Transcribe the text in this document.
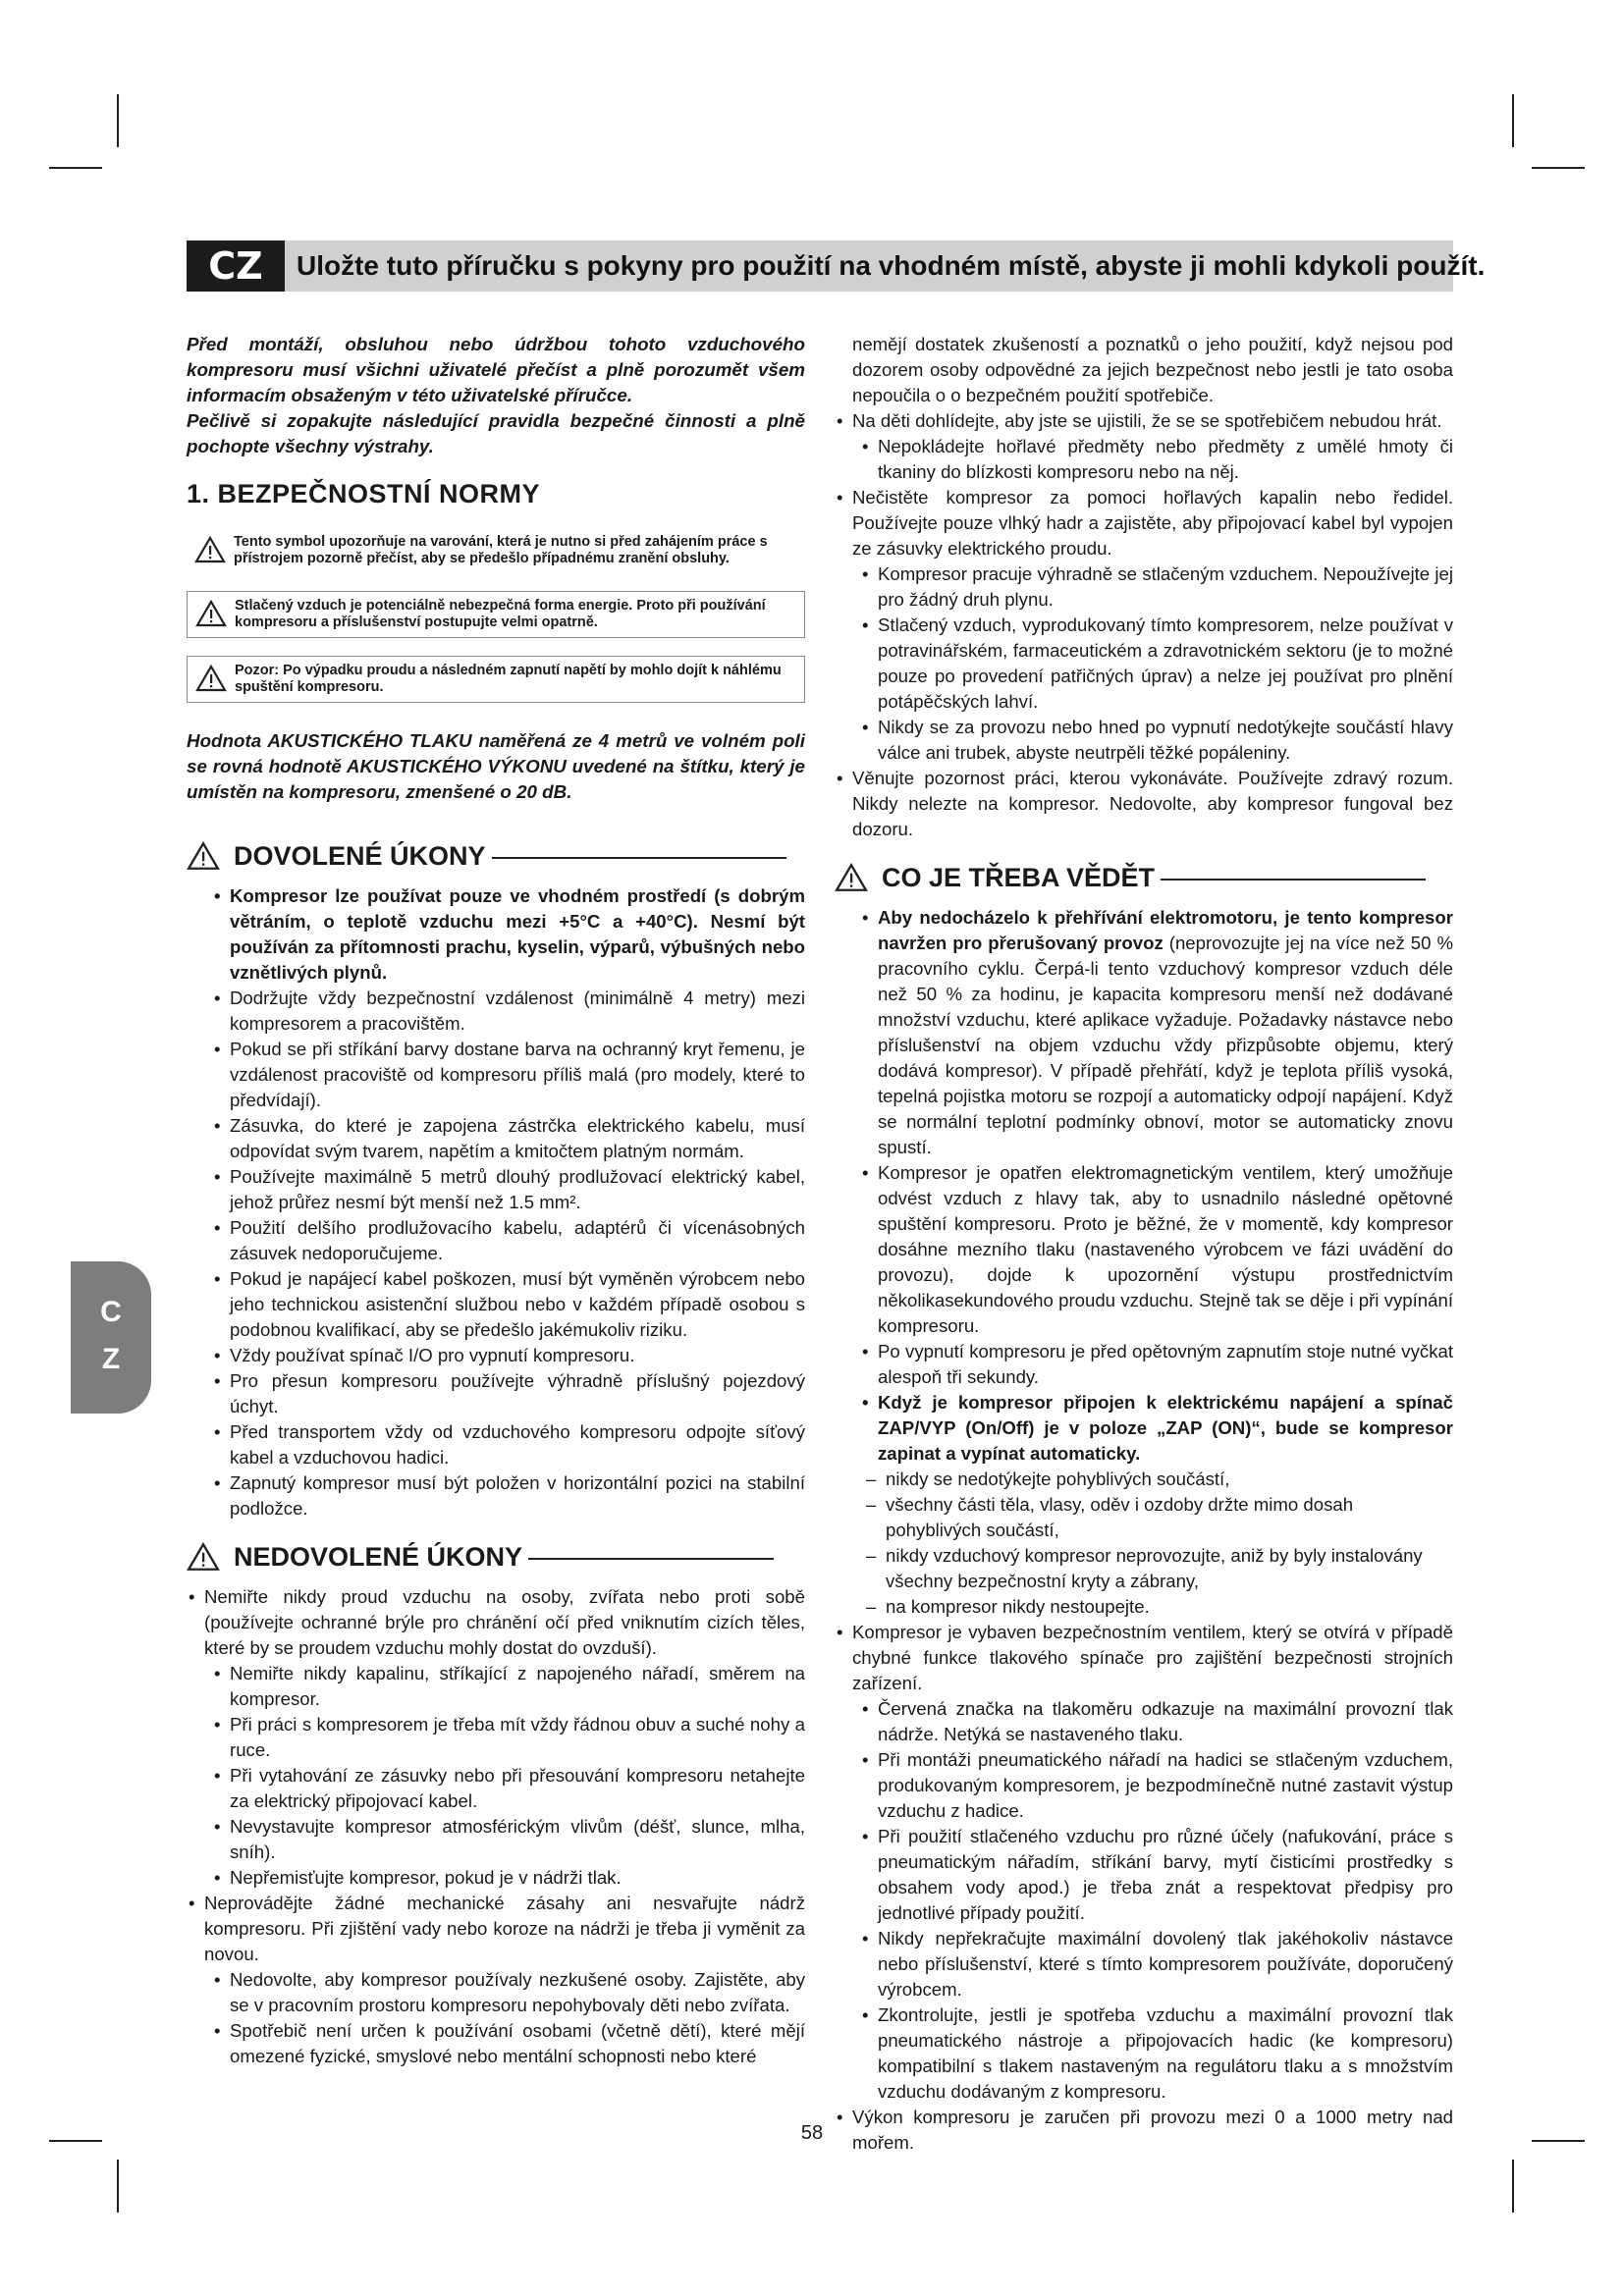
CZ	Uložte tuto příručku s pokyny pro použití na vhodném místě, abyste ji mohli kdykoli použít.
C
Z

Před montáží, obsluhou nebo údržbou tohoto vzduchového kompresoru musí všichni uživatelé přečíst a plně porozumět všem informacím obsaženým v této uživatelské příručce.

Pečlivě si zopakujte následující pravidla bezpečné činnosti a plně pochopte všechny výstrahy.

1. BEZPEČNOSTNÍ NORMY
Tento symbol upozorňuje na varování, která je nutno si před zahájením práce s přístrojem pozorně přečíst, aby se předešlo případnému zranění obsluhy.
Stlačený vzduch je potenciálně nebezpečná forma energie. Proto při používání kompresoru a příslušenství postupujte velmi opatrně.
Pozor: Po výpadku proudu a následném zapnutí napětí by mohlo dojít k náhlému spuštění kompresoru.

Hodnota AKUSTICKÉHO TLAKU naměřená ze 4 metrů ve volném poli se rovná hodnotě AKUSTICKÉHO VÝKONU uvedené na štítku, který je umístěn na kompresoru, zmenšené o 20 dB.

DOVOLENÉ ÚKONY
• Kompresor lze používat pouze ve vhodném prostředí (s dobrým větráním, o teplotě vzduchu mezi +5°C a +40°C). Nesmí být používán za přítomnosti prachu, kyselin, výparů, výbušných nebo vznětlivých plynů.
• Dodržujte vždy bezpečnostní vzdálenost (minimálně 4 metry) mezi kompresorem a pracovištěm.
• Pokud se při stříkání barvy dostane barva na ochranný kryt řemenu, je vzdálenost pracoviště od kompresoru příliš malá (pro modely, které to předvídají).
• Zásuvka, do které je zapojena zástrčka elektrického kabelu, musí odpovídat svým tvarem, napětím a kmitočtem platným normám.
• Používejte maximálně 5 metrů dlouhý prodlužovací elektrický kabel, jehož průřez nesmí být menší než 1.5 mm².
• Použití delšího prodlužovacího kabelu, adaptérů či vícenásobných zásuvek nedoporučujeme.
• Pokud je napájecí kabel poškozen, musí být vyměněn výrobcem nebo jeho technickou asistenční službou nebo v každém případě osobou s podobnou kvalifikací, aby se předešlo jakémukoliv riziku.
• Vždy používat spínač I/O pro vypnutí kompresoru.
• Pro přesun kompresoru používejte výhradně příslušný pojezdový úchyt.
• Před transportem vždy od vzduchového kompresoru odpojte síťový kabel a vzduchovou hadici.
• Zapnutý kompresor musí být položen v horizontální pozici na stabilní podložce.
NEDOVOLENÉ ÚKONY
• Nemiřte nikdy proud vzduchu na osoby, zvířata nebo proti sobě (používejte ochranné brýle pro chránění očí před vniknutím cizích těles, které by se proudem vzduchu mohly dostat do ovzduší).
• Nemiřte nikdy kapalinu, stříkající z napojeného nářadí, směrem na kompresor.
• Při práci s kompresorem je třeba mít vždy řádnou obuv a suché nohy a ruce.
• Při vytahování ze zásuvky nebo při přesouvání kompresoru netahejte za elektrický připojovací kabel.
• Nevystavujte kompresor atmosférickým vlivům (déšť, slunce, mlha, sníh).
• Nepřemisťujte kompresor, pokud je v nádrži tlak.
• Neprovádějte žádné mechanické zásahy ani nesvařujte nádrž kompresoru. Při zjištění vady nebo koroze na nádrži je třeba ji vyměnit za novou.
• Nedovolte, aby kompresor používaly nezkušené osoby. Zajistěte, aby se v pracovním prostoru kompresoru nepohybovaly děti nebo zvířata.
• Spotřebič není určen k používání osobami (včetně dětí), které mějí omezené fyzické, smyslové nebo mentální schopnosti nebo které

nemějí dostatek zkušeností a poznatků o jeho použití, když nejsou pod dozorem osoby odpovědné za jejich bezpečnost nebo jestli je tato osoba nepoučila o o bezpečném použití spotřebiče.

• Na děti dohlídejte, aby jste se ujistili, že se se spotřebičem nebudou hrát.
• Nepokládejte hořlavé předměty nebo předměty z umělé hmoty či tkaniny do blízkosti kompresoru nebo na něj.
• Nečistěte kompresor za pomoci hořlavých kapalin nebo ředidel. Používejte pouze vlhký hadr a zajistěte, aby připojovací kabel byl vypojen ze zásuvky elektrického proudu.
• Kompresor pracuje výhradně se stlačeným vzduchem. Nepoužívejte jej pro žádný druh plynu.
• Stlačený vzduch, vyprodukovaný tímto kompresorem, nelze používat v potravinářském, farmaceutickém a zdravotnickém sektoru (je to možné pouze po provedení patřičných úprav) a nelze jej používat pro plnění potápěčských lahví.
• Nikdy se za provozu nebo hned po vypnutí nedotýkejte součástí hlavy válce ani trubek, abyste neutrpěli těžké popáleniny.
• Věnujte pozornost práci, kterou vykonáváte. Používejte zdravý rozum. Nikdy nelezte na kompresor. Nedovolte, aby kompresor fungoval bez dozoru.
CO JE TŘEBA VĚDĚT
• Aby nedocházelo k přehřívání elektromotoru, je tento kompresor navržen pro přerušovaný provoz (neprovozujte jej na více než 50 % pracovního cyklu. Čerpá-li tento vzduchový kompresor vzduch déle než 50 % za hodinu, je kapacita kompresoru menší než dodávané množství vzduchu, které aplikace vyžaduje. Požadavky nástavce nebo příslušenství na objem vzduchu vždy přizpůsobte objemu, který dodává kompresor). V případě přehřátí, když je teplota příliš vysoká, tepelná pojistka motoru se rozpojí a automaticky odpojí napájení. Když se normální teplotní podmínky obnoví, motor se automaticky znovu spustí.
• Kompresor je opatřen elektromagnetickým ventilem, který umožňuje odvést vzduch z hlavy tak, aby to usnadnilo následné opětovné spuštění kompresoru. Proto je běžné, že v momentě, kdy kompresor dosáhne mezního tlaku (nastaveného výrobcem ve fázi uvádění do provozu), dojde k upozornění výstupu prostřednictvím několikasekundového proudu vzduchu. Stejně tak se děje i při vypínání kompresoru.
• Po vypnutí kompresoru je před opětovným zapnutím stoje nutné vyčkat alespoň tři sekundy.
• Když je kompresor připojen k elektrickému napájení a spínač ZAP/VYP (On/Off) je v poloze „ZAP (ON)“, bude se kompresor zapinat a vypínat automaticky.
– nikdy se nedotýkejte pohyblivých součástí,
– všechny části těla, vlasy, oděv i ozdoby držte mimo dosah pohyblivých součástí,
– nikdy vzduchový kompresor neprovozujte, aniž by byly instalovány všechny bezpečnostní kryty a zábrany,
– na kompresor nikdy nestoupejte.
• Kompresor je vybaven bezpečnostním ventilem, který se otvírá v případě chybné funkce tlakového spínače pro zajištění bezpečnosti strojních zařízení.
• Červená značka na tlakoměru odkazuje na maximální provozní tlak nádrže. Netýká se nastaveného tlaku.
• Při montáži pneumatického nářadí na hadici se stlačeným vzduchem, produkovaným kompresorem, je bezpodmínečně nutné zastavit výstup vzduchu z hadice.
• Při použití stlačeného vzduchu pro různé účely (nafukování, práce s pneumatickým nářadím, stříkání barvy, mytí čisticími prostředky s obsahem vody apod.) je třeba znát a respektovat předpisy pro jednotlivé případy použití.
• Nikdy nepřekračujte maximální dovolený tlak jakéhokoliv nástavce nebo příslušenství, které s tímto kompresorem používáte, doporučený výrobcem.
• Zkontrolujte, jestli je spotřeba vzduchu a maximální provozní tlak pneumatického nástroje a připojovacích hadic (ke kompresoru) kompatibilní s tlakem nastaveným na regulátoru tlaku a s množstvím vzduchu dodávaným z kompresoru.
• Výkon kompresoru je zaručen při provozu mezi 0 a 1000 metry nad mořem.
58
